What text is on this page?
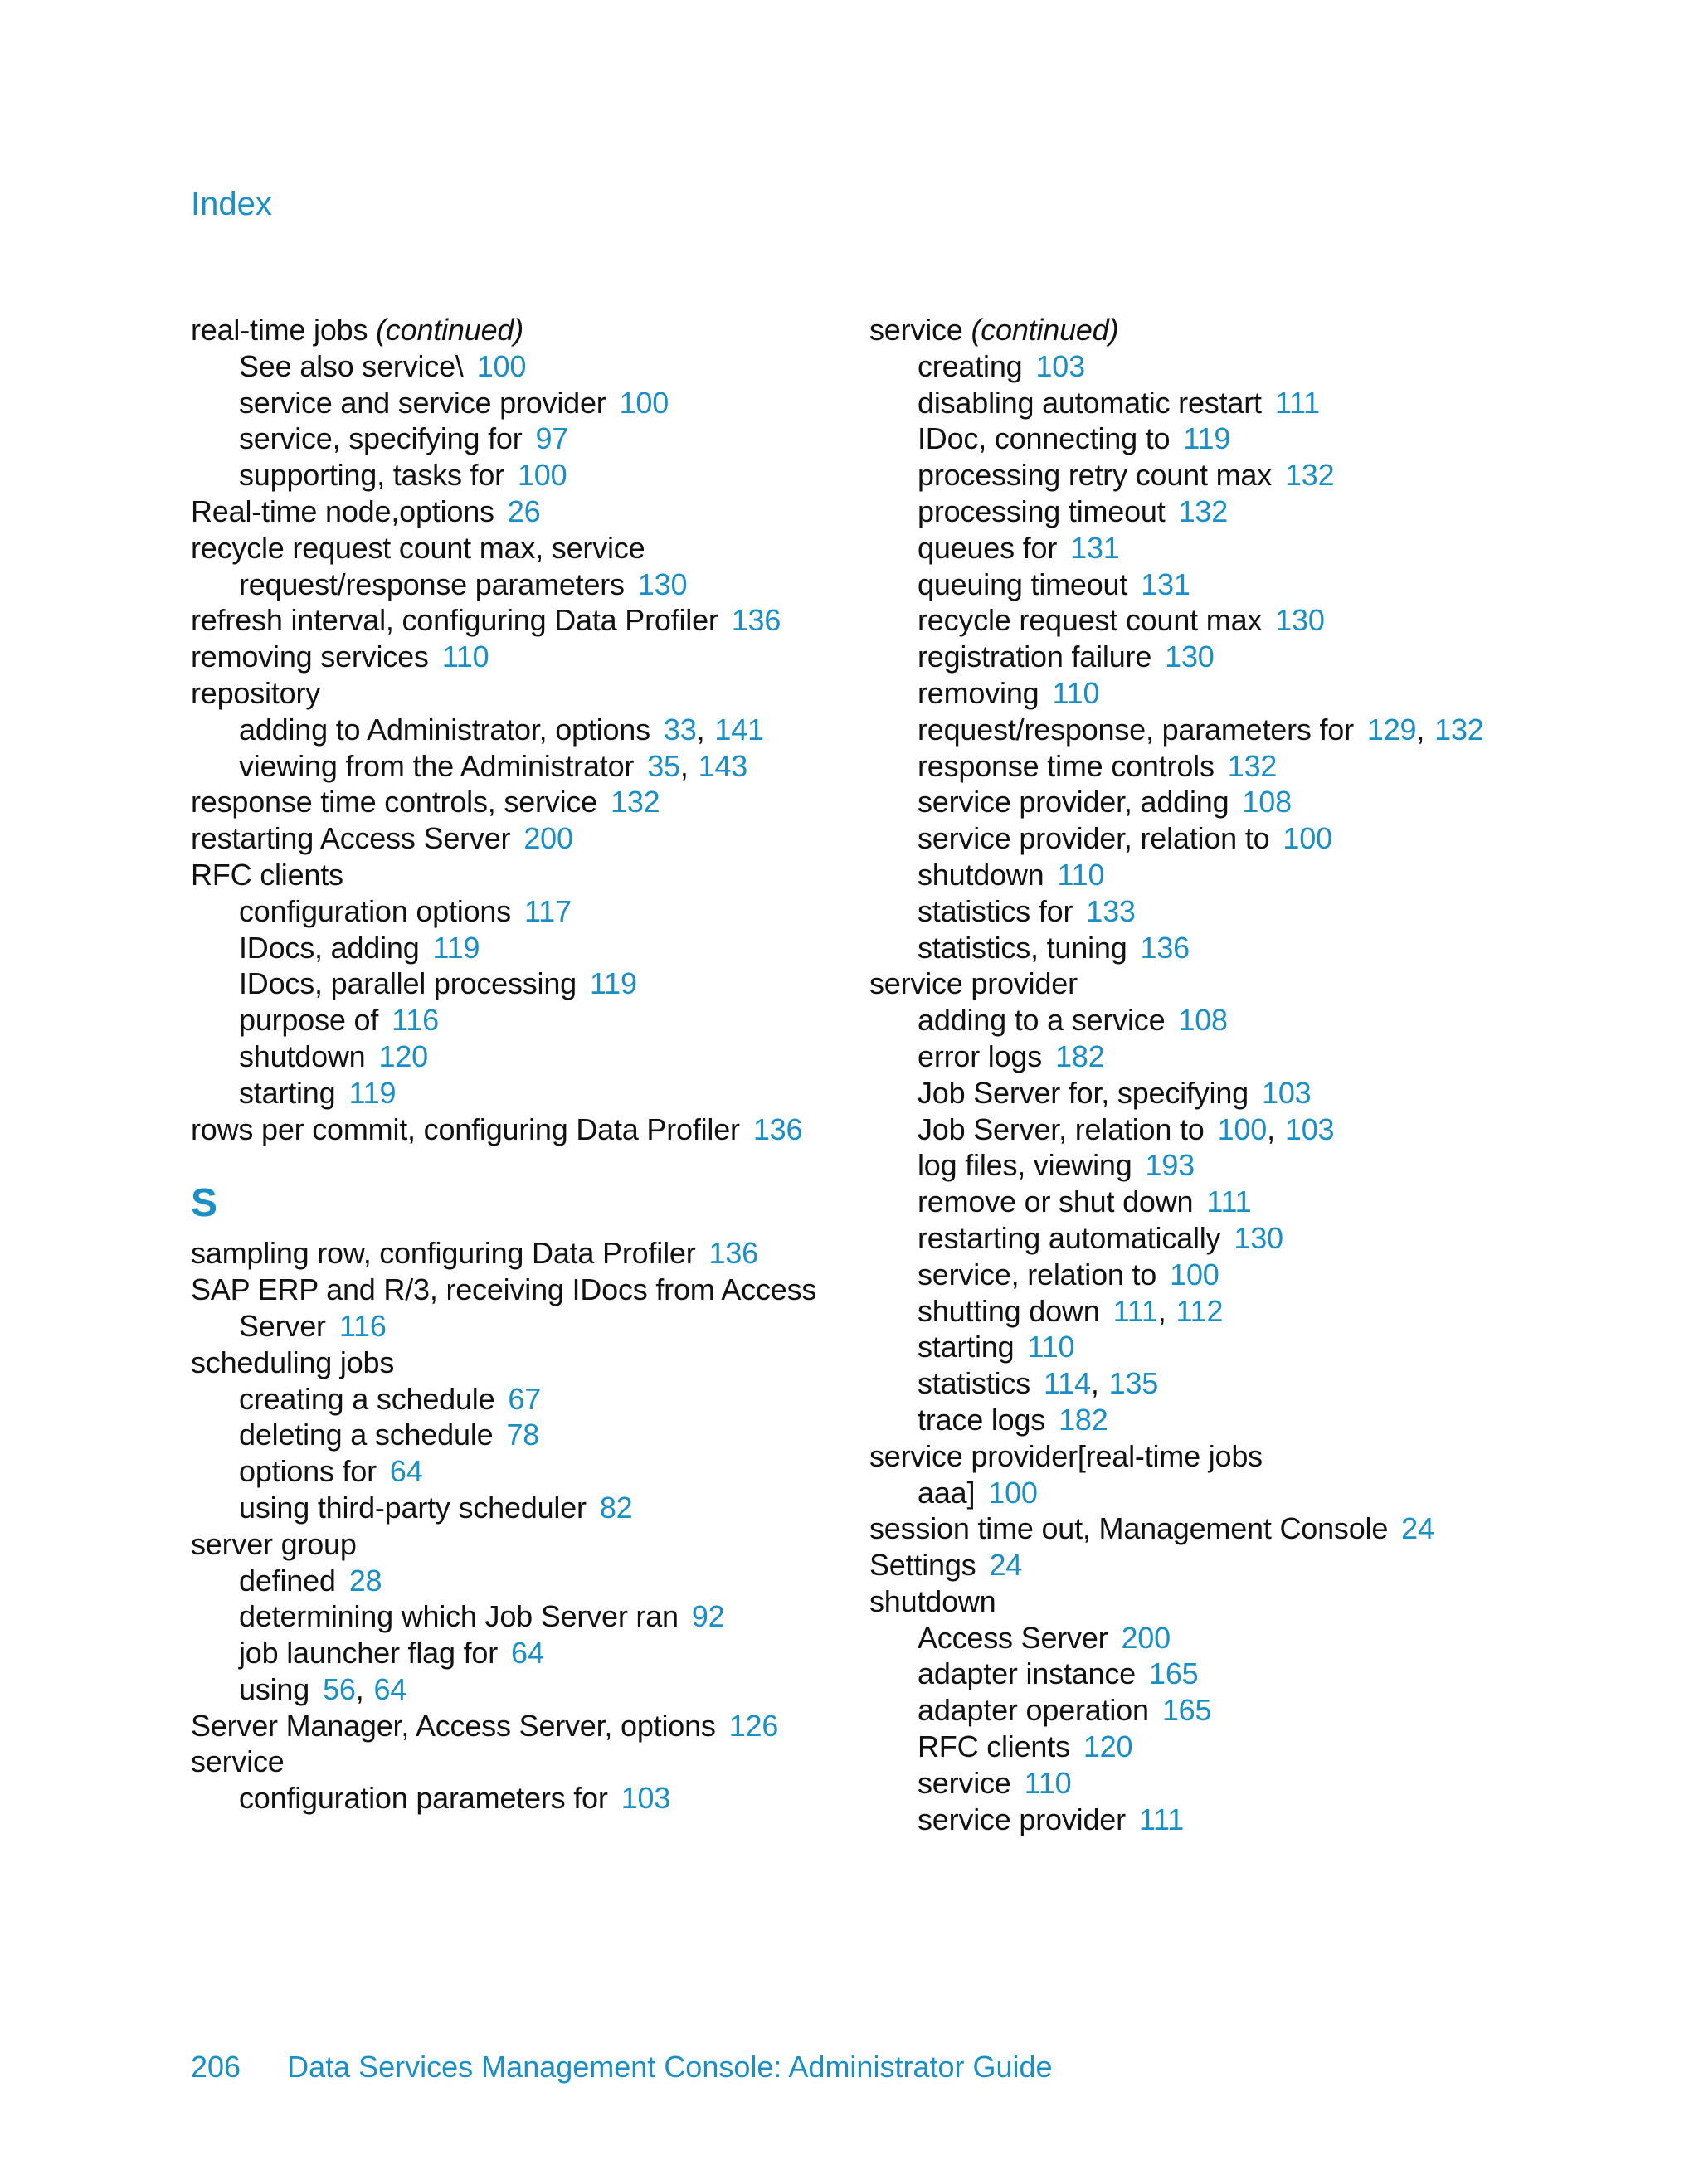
Index
real-time jobs (continued)
See also service\ 100
service and service provider 100
service, specifying for 97
supporting, tasks for 100
Real-time node,options 26
recycle request count max, service
request/response parameters 130
refresh interval, configuring Data Profiler 136
removing services 110
repository
adding to Administrator, options 33, 141
viewing from the Administrator 35, 143
response time controls, service 132
restarting Access Server 200
RFC clients
configuration options 117
IDocs, adding 119
IDocs, parallel processing 119
purpose of 116
shutdown 120
starting 119
rows per commit, configuring Data Profiler 136
S
sampling row, configuring Data Profiler 136
SAP ERP and R/3, receiving IDocs from Access
Server 116
scheduling jobs
creating a schedule 67
deleting a schedule 78
options for 64
using third-party scheduler 82
server group
defined 28
determining which Job Server ran 92
job launcher flag for 64
using 56, 64
Server Manager, Access Server, options 126
service
configuration parameters for 103
service (continued)
creating 103
disabling automatic restart 111
IDoc, connecting to 119
processing retry count max 132
processing timeout 132
queues for 131
queuing timeout 131
recycle request count max 130
registration failure 130
removing 110
request/response, parameters for 129, 132
response time controls 132
service provider, adding 108
service provider, relation to 100
shutdown 110
statistics for 133
statistics, tuning 136
service provider
adding to a service 108
error logs 182
Job Server for, specifying 103
Job Server, relation to 100, 103
log files, viewing 193
remove or shut down 111
restarting automatically 130
service, relation to 100
shutting down 111, 112
starting 110
statistics 114, 135
trace logs 182
service provider[real-time jobs
aaa] 100
session time out, Management Console 24
Settings 24
shutdown
Access Server 200
adapter instance 165
adapter operation 165
RFC clients 120
service 110
service provider 111
206 Data Services Management Console: Administrator Guide
